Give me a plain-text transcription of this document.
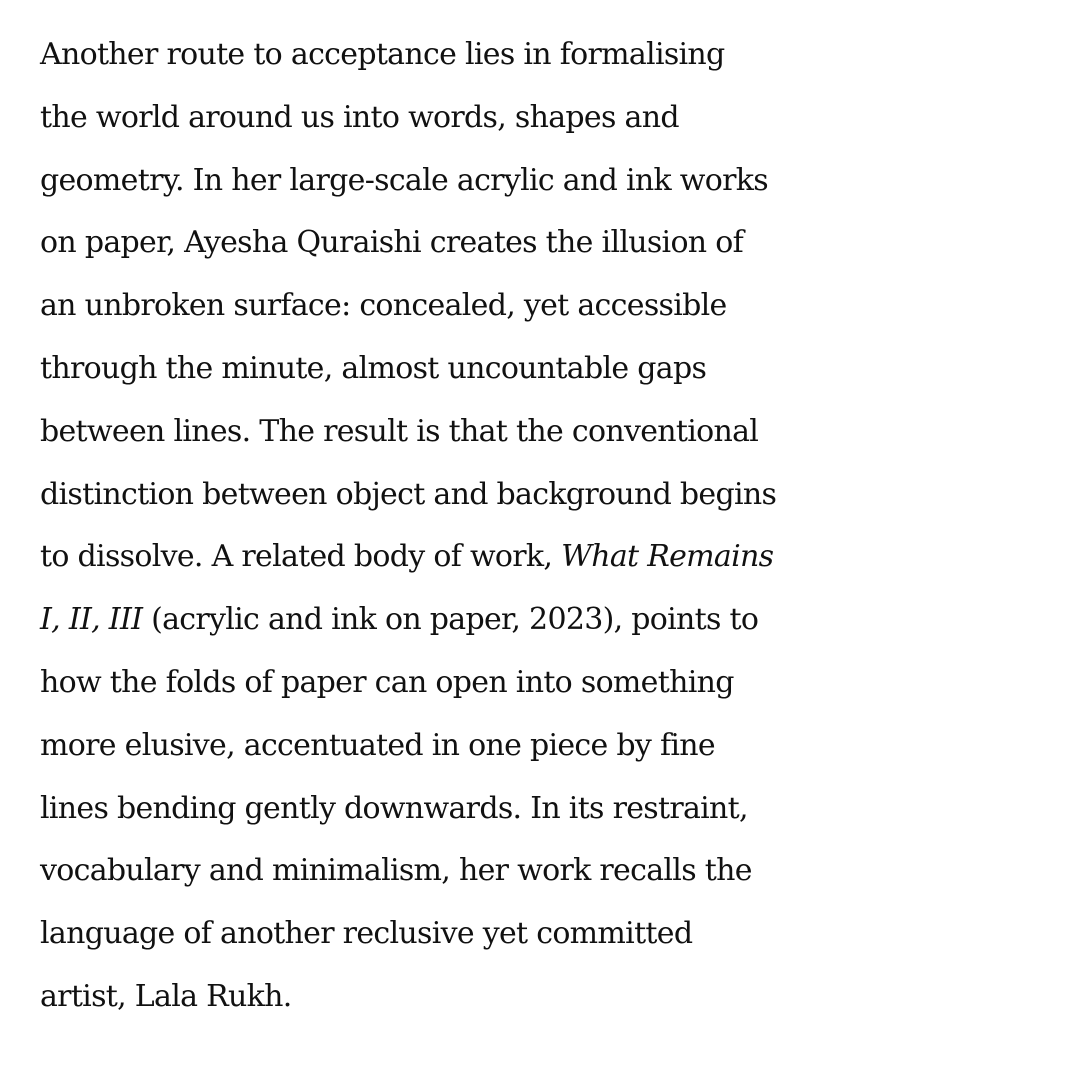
Another route to acceptance lies in formalising
the world around us into words, shapes and
geometry. In her large-scale acrylic and ink works
on paper, Ayesha Quraishi creates the illusion of
an unbroken surface: concealed, yet accessible
through the minute, almost uncountable gaps
between lines. The result is that the conventional
distinction between object and background begins
to dissolve. A related body of work, What Remains
I, II, III (acrylic and ink on paper, 2023), points to
how the folds of paper can open into something
more elusive, accentuated in one piece by fine
lines bending gently downwards. In its restraint,
vocabulary and minimalism, her work recalls the
language of another reclusive yet committed
artist, Lala Rukh.
